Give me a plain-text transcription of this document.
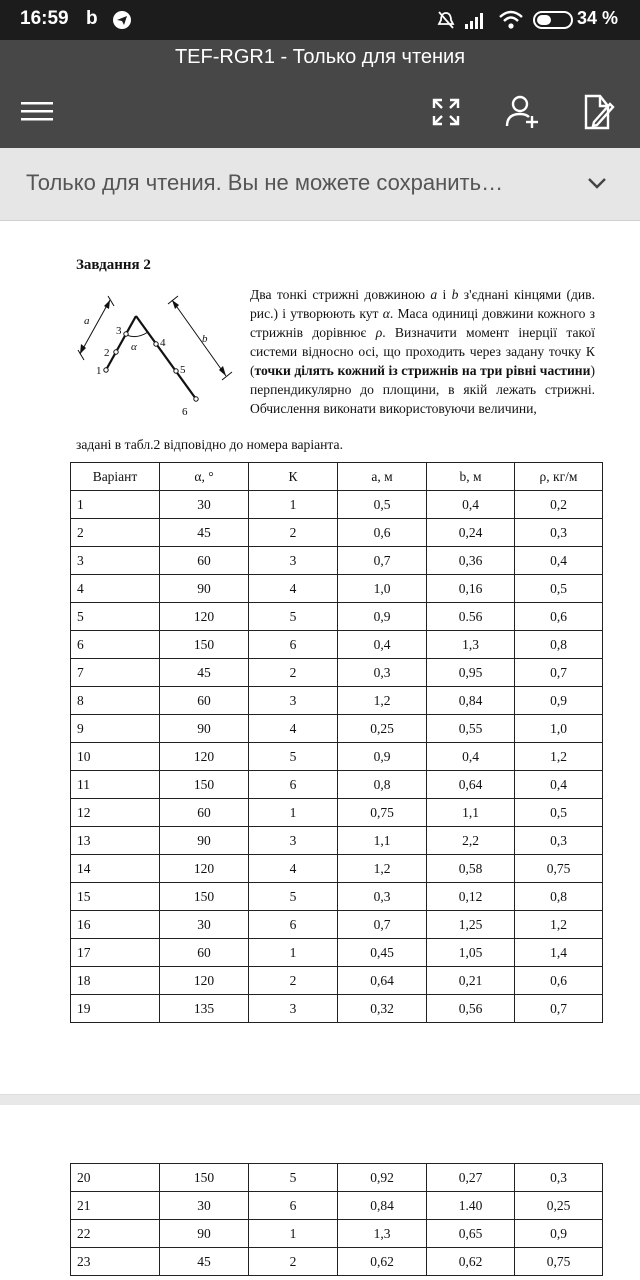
16:59 b	34 %
TEF-RGR1 - Только для чтения
Только для чтения. Вы не можете сохранить…
Завдання 2
a
b
α
1
2
3
4
5
6
Два тонкі стрижні довжиною a і b з'єднані кінцями (див. рис.) і утворюють кут α. Маса одиниці довжини кожного з стрижнів дорівнює ρ. Визначити момент інерції такої системи відносно осі, що проходить через задану точку К (точки ділять кожний із стрижнів на три рівні частини) перпендикулярно до площини, в якій лежать стрижні. Обчислення виконати використовуючи величини,
задані в табл.2 відповідно до номера варіанта.
Варіант	α, °	К	a, м	b, м	ρ, кг/м
1	30	1	0,5	0,4	0,2
2	45	2	0,6	0,24	0,3
3	60	3	0,7	0,36	0,4
4	90	4	1,0	0,16	0,5
5	120	5	0,9	0.56	0,6
6	150	6	0,4	1,3	0,8
7	45	2	0,3	0,95	0,7
8	60	3	1,2	0,84	0,9
9	90	4	0,25	0,55	1,0
10	120	5	0,9	0,4	1,2
11	150	6	0,8	0,64	0,4
12	60	1	0,75	1,1	0,5
13	90	3	1,1	2,2	0,3
14	120	4	1,2	0,58	0,75
15	150	5	0,3	0,12	0,8
16	30	6	0,7	1,25	1,2
17	60	1	0,45	1,05	1,4
18	120	2	0,64	0,21	0,6
19	135	3	0,32	0,56	0,7
20	150	5	0,92	0,27	0,3
21	30	6	0,84	1.40	0,25
22	90	1	1,3	0,65	0,9
23	45	2	0,62	0,62	0,75
